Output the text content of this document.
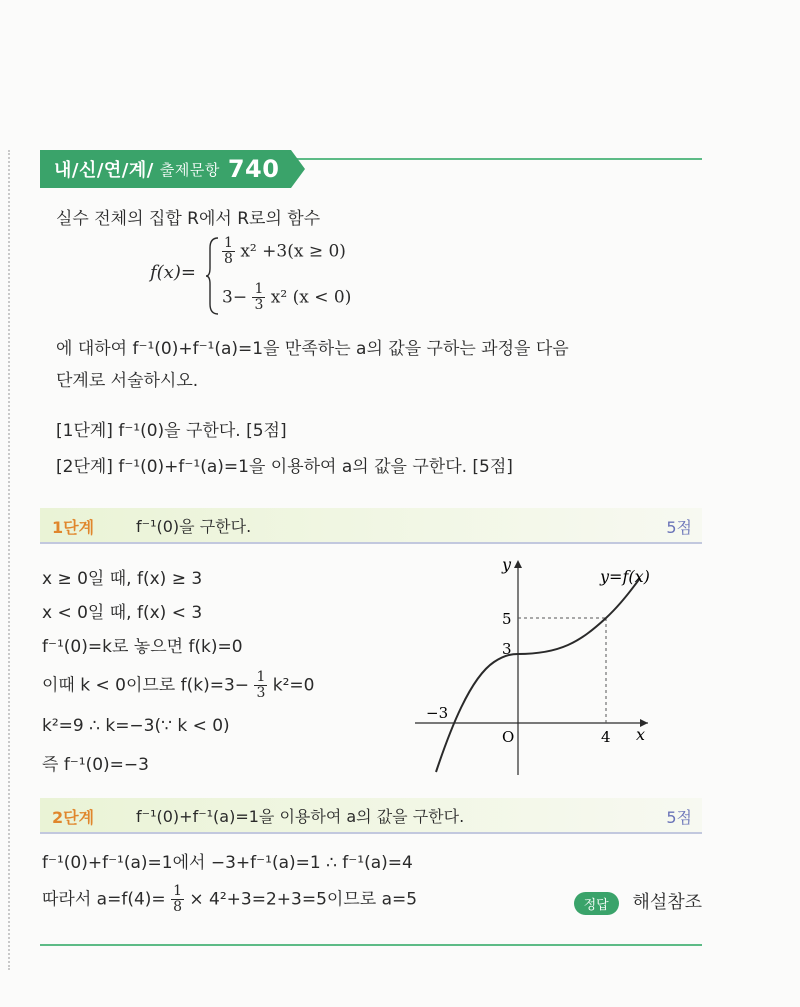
내/신/연/계/ 출제문항 740
실수 전체의 집합 R에서 R로의 함수
f(x)=
$\frac{1}{8} x^2 +3(x \ge 0)$
$3- \frac{1}{3} x^2$ (x < 0)
에 대하여 f⁻¹(0)+f⁻¹(a)=1을 만족하는 a의 값을 구하는 과정을 다음
단계로 서술하시오.
[1단계] f⁻¹(0)을 구한다. [5점]
[2단계] f⁻¹(0)+f⁻¹(a)=1을 이용하여 a의 값을 구한다. [5점]
1단계	f⁻¹(0)을 구한다.	5점
x ≥ 0일 때, f(x) ≥ 3
x < 0일 때, f(x) < 3
f⁻¹(0)=k로 놓으면 f(k)=0
이때 k < 0이므로 $f(k)=3- \frac{1}{3} k^2=0$
k²=9 ∴ k=−3(∵ k < 0)
즉 f⁻¹(0)=−3
y
x
y=f(x)
5
3
−3
O	4
2단계	f⁻¹(0)+f⁻¹(a)=1을 이용하여 a의 값을 구한다.	5점
f⁻¹(0)+f⁻¹(a)=1에서 −3+f⁻¹(a)=1 ∴ f⁻¹(a)=4
따라서 $a=f(4)= \frac{1}{8} \times 4^2+3=2+3=5$이므로 a=5	정답 해설참조
